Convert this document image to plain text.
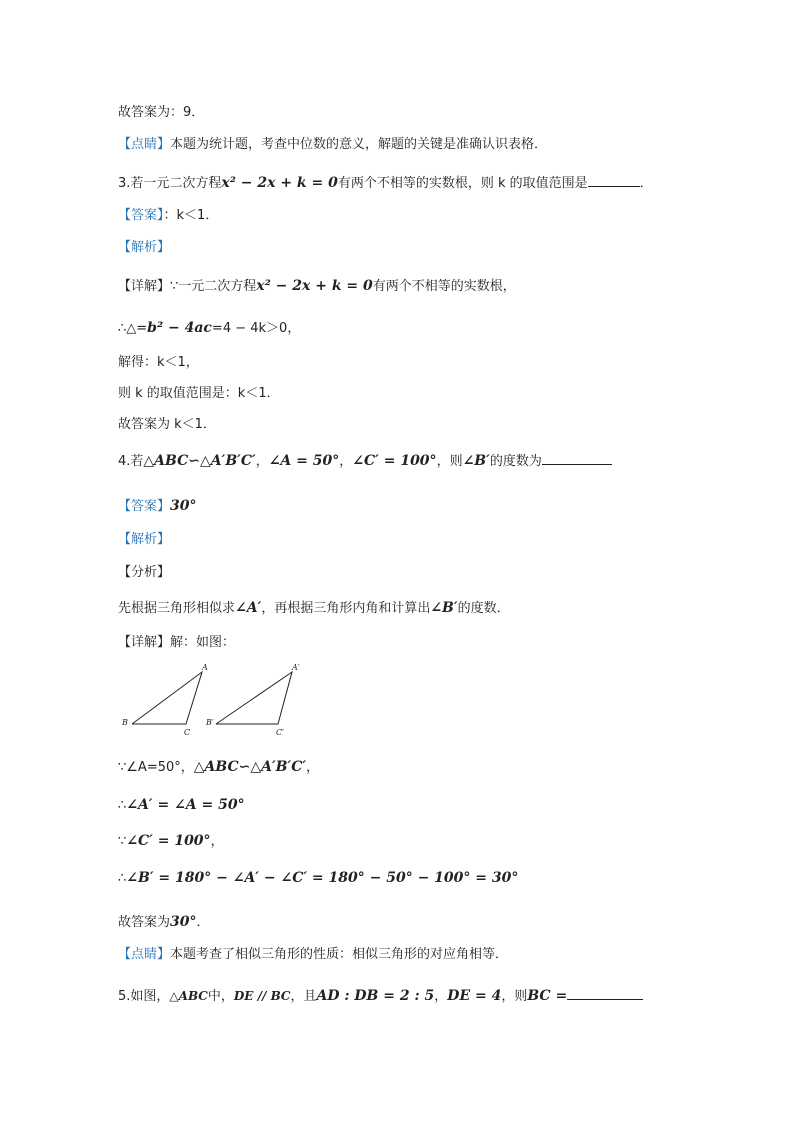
故答案为：9．
【点睛】本题为统计题，考查中位数的意义，解题的关键是准确认识表格．
3.若一元二次方程x² − 2x + k = 0有两个不相等的实数根，则 k 的取值范围是	．
【答案】：k＜1．
【解析】
【详解】∵一元二次方程x² − 2x + k = 0有两个不相等的实数根，
∴△=b² − 4ac=4 − 4k＞0，
解得：k＜1，
则 k 的取值范围是：k＜1．
故答案为 k＜1．
4.若△ABC∽△A′B′C′，∠A = 50°，∠C′ = 100°，则∠B′的度数为
【答案】30°
【解析】
【分析】
先根据三角形相似求∠A′，再根据三角形内角和计算出∠B′的度数．
【详解】解：如图：
A
B
C
A′
B′
C′
∵∠A=50°，△ABC∽△A′B′C′，
∴∠A′ = ∠A = 50°
∵∠C′ = 100°，
∴∠B′ = 180° − ∠A′ − ∠C′ = 180° − 50° − 100° = 30°
故答案为30°．
【点睛】本题考查了相似三角形的性质：相似三角形的对应角相等．
5.如图，△ABC中，DE // BC，且AD : DB = 2 : 5，DE = 4，则BC =
